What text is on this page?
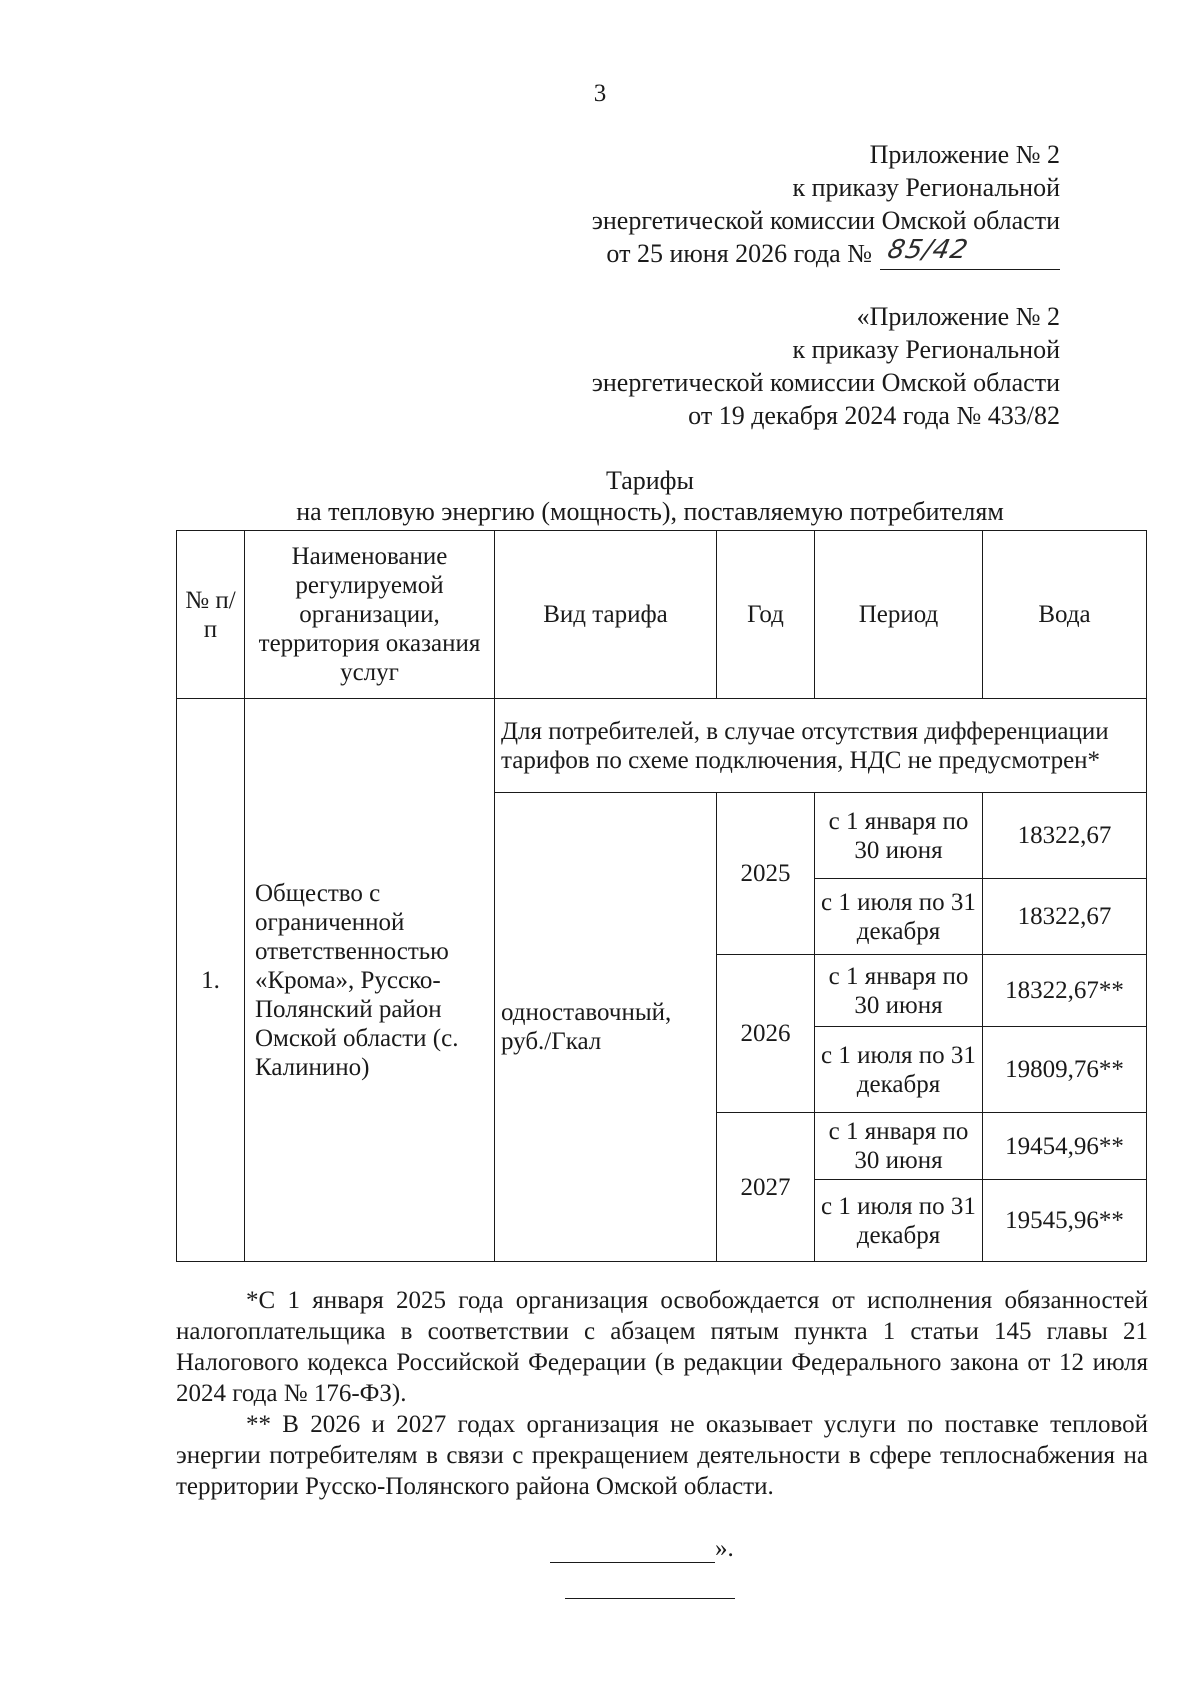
3
Приложение № 2
к приказу Региональной
энергетической комиссии Омской области
от 25 июня 2026 года № 85/42
«Приложение № 2
к приказу Региональной
энергетической комиссии Омской области
от 19 декабря 2024 года № 433/82
Тарифы
на тепловую энергию (мощность), поставляемую потребителям
№ п/п	Наименование регулируемой организации, территория оказания услуг	Вид тарифа	Год	Период	Вода
1.	Общество с ограниченной ответственностью «Крома», Русско-Полянский район Омской области (с. Калинино)	Для потребителей, в случае отсутствия дифференциации тарифов по схеме подключения, НДС не предусмотрен*			
		одноставочный, руб./Гкал	2025	с 1 января по 30 июня	18322,67
				с 1 июля по 31 декабря	18322,67
			2026	с 1 января по 30 июня	18322,67**
				с 1 июля по 31 декабря	19809,76**
			2027	с 1 января по 30 июня	19454,96**
				с 1 июля по 31 декабря	19545,96**

*С 1 января 2025 года организация освобождается от исполнения обязанностей налогоплательщика в соответствии с абзацем пятым пункта 1 статьи 145 главы 21 Налогового кодекса Российской Федерации (в редакции Федерального закона от 12 июля 2024 года № 176-ФЗ).

** В 2026 и 2027 годах организация не оказывает услуги по поставке тепловой энергии потребителям в связи с прекращением деятельности в сфере теплоснабжения на территории Русско-Полянского района Омской области.

».
